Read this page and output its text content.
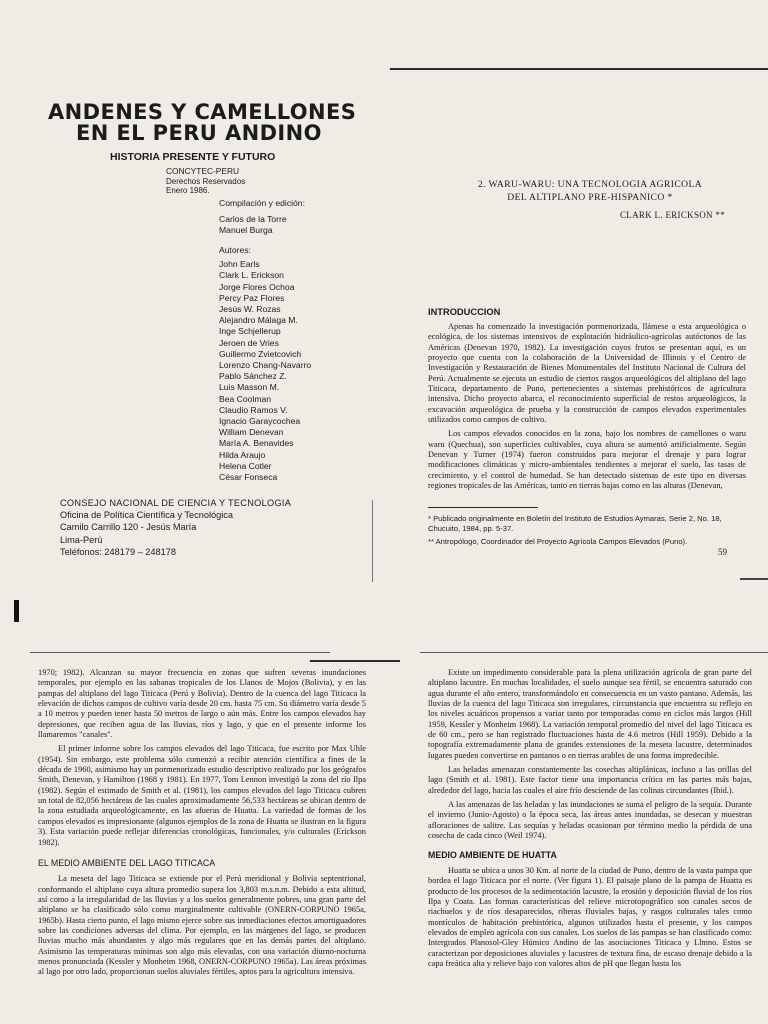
ANDENES Y CAMELLONES
EN EL PERU ANDINO
HISTORIA PRESENTE Y FUTURO
CONCYTEC-PERU
Derechos Reservados
Enero 1986.
Compilación y edición:
Carlos de la Torre
Manuel Burga
Autores:
John Earls
Clark L. Erickson
Jorge Flores Ochoa
Percy Paz Flores
Jesús W. Rozas
Alejandro Málaga M.
Inge Schjellerup
Jeroen de Vries
Guillermo Zvietcovich
Lorenzo Chang-Navarro
Pablo Sánchez Z.
Luis Masson M.
Bea Coolman
Claudio Ramos V.
Ignacio Garaycochea
William Denevan
María A. Benavides
Hilda Araujo
Helena Cotler
César Fonseca
CONSEJO NACIONAL DE CIENCIA Y TECNOLOGIA
Oficina de Política Científica y Tecnológica
Camilo Carrillo 120 - Jesús María
Lima-Perú
Teléfonos: 248179 – 248178
2. WARU-WARU: UNA TECNOLOGIA AGRICOLA
DEL ALTIPLANO PRE-HISPANICO *
CLARK L. ERICKSON **
INTRODUCCION

Apenas ha comenzado la investigación pormenorizada, llámese a esta arqueológica o ecológica, de los sistemas intensivos de explotación hidráulico-agrícolas autóctonos de las Américas (Denevan 1970, 1982). La investigación cuyos frutos se presentan aquí, es un proyecto que cuenta con la colaboración de la Universidad de Illinois y el Centro de Investigación y Restauración de Bienes Monumentales del Instituto Nacional de Cultura del Perú. Actualmente se ejecuta un estudio de ciertos rasgos arqueológicos del altiplano del lago Titicaca, departamento de Puno, pertenecientes a sistemas prehistóricos de agricultura intensiva. Dicho proyecto abarca, el reconocimiento superficial de restos arqueológicos, la excavación arqueológica de prueba y la construcción de campos elevados experimentales utilizados como campos de cultivo.

Los campos elevados conocidos en la zona, bajo los nombres de camellones o waru waru (Quechua), son superficies cultivables, cuya altura se aumentó artificialmente. Según Denevan y Turner (1974) fueron construidos para mejorar el drenaje y para lograr modificaciones climáticas y micro-ambientales tendientes a mejorar el suelo, las tasas de crecimiento, y el control de humedad. Se han detectado sistemas de este tipo en diversas regiones tropicales de las Américas, tanto en tierras bajas como en las alturas (Denevan,

* Publicado originalmente en Boletín del Instituto de Estudios Aymaras, Serie 2, No. 18, Chucuito, 1984, pp. 5-37.
** Antropólogo, Coordinador del Proyecto Agrícola Campos Elevados (Puno).
59

1970; 1982). Alcanzan su mayor frecuencia en zonas que sufren severas inundaciones temporales, por ejemplo en las sabanas tropicales de los Llanos de Mojos (Bolivia), y en las pampas del altiplano del lago Titicaca (Perú y Bolivia). Dentro de la cuenca del lago Titicaca la elevación de dichos campos de cultivo varía desde 20 cm. hasta 75 cm. Su diámetro varía desde 5 a 10 metros y pueden tener hasta 50 metros de largo o aún más. Entre los campos elevados hay depresiones, que reciben agua de las lluvias, ríos y lago, y que en el presente informe los llamaremos "canales".

El primer informe sobre los campos elevados del lago Titicaca, fue escrito por Max Uhle (1954). Sin embargo, este problema sólo comenzó a recibir atención científica a fines de la década de 1960, asimismo hay un pormenorizado estudio descriptivo realizado por los geógrafos Smith, Denevan, y Hamilton (1968 y 1981). En 1977, Tom Lennon investigó la zona del río Ilpa (1982). Según el estimado de Smith et al. (1981), los campos elevados del lago Titicaca cubren un total de 82,056 hectáreas de las cuales aproximadamente 56,533 hectáreas se ubican dentro de la zona estudiada arqueológicamente, en las afueras de Huatta. La variedad de formas de los campos elevados es impresionante (algunos ejemplos de la zona de Huatta se ilustran en la figura 3). Esta variación puede reflejar diferencias cronológicas, funcionales, y/o culturales (Erickson 1982).

EL MEDIO AMBIENTE DEL LAGO TITICACA

La meseta del lago Titicaca se extiende por el Perú meridional y Bolivia septentrional, conformando el altiplano cuya altura promedio supera los 3,803 m.s.n.m. Debido a esta altitud, así como a la irregularidad de las lluvias y a los suelos generalmente pobres, una gran parte del altiplano se ha clasificado sólo como marginalmente cultivable (ONERN-CORPUNO 1965a, 1965b). Hasta cierto punto, el lago mismo ejerce sobre sus inmediaciones efectos amortiguadores sobre las condiciones adversas del clima. Por ejemplo, en las márgenes del lago, se producen lluvias mucho más abundantes y algo más regulares que en las demás partes del altiplano. Asimismo las temperaturas mínimas son algo más elevadas, con una variación diurno-nocturna menos pronunciada (Kessler y Monheim 1968, ONERN-CORPUNO 1965a). Las áreas próximas al lago por otro lado, proporcionan suelos aluviales fértiles, aptos para la agricultura intensiva.

Existe un impedimento considerable para la plena utilización agrícola de gran parte del altiplano lacustre. En muchas localidades, el suelo aunque sea fértil, se encuentra saturado con agua durante el año entero, transformándolo en consecuencia en un vasto pantano. Además, las lluvias de la cuenca del lago Titicaca son irregulares, circunstancia que encuentra su reflejo en los niveles acuáticos propensos a variar tanto por temporadas como en ciclos más largos (Hill 1959, Kessler y Monheim 1968). La variación temporal promedio del nivel del lago Titicaca es de 60 cm., pero se han registrado fluctuaciones hasta de 4.6 metros (Hill 1959). Debido a la topografía extremadamente plana de grandes extensiones de la meseta lacustre, determinados lugares pueden convertirse en pantanos o en tierras arables de una forma impredecible.

Las heladas amenazan constantemente las cosechas altiplánicas, incluso a las orillas del lago (Smith et al. 1981). Este factor tiene una importancia crítica en las partes más bajas, alrededor del lago, hacia las cuales el aire frío desciende de las colinas circundantes (Ibid.).

A las amenazas de las heladas y las inundaciones se suma el peligro de la sequía. Durante el invierno (Junio-Agosto) o la época seca, las áreas antes inundadas, se desecan y muestran afloraciones de salitre. Las sequías y heladas ocasionan por término medio la pérdida de una cosecha de cada cinco (Weil 1974).

MEDIO AMBIENTE DE HUATTA

Huatta se ubica a unos 30 Km. al norte de la ciudad de Puno, dentro de la vasta pampa que bordea el lago Titicaca por el norte. (Ver figura 1). El paisaje plano de la pampa de Huatta es producto de los procesos de la sedimentación lacustre, la erosión y deposición fluvial de los ríos Ilpa y Coata. Las formas características del relieve microtopográfico son canales secos de riachuelos y de ríos desaparecidos, riberas fluviales bajas, y rasgos culturales tales como montículos de habitación prehistórica, algunos utilizados hasta el presente, y los campos elevados de empleo agrícola con sus canales. Los suelos de las pampas se han clasificado como: Intergrados Planosol-Gley Húmico Andino de las asociaciones Titicaca y Llmno. Estos se caracterizan por deposiciones aluviales y lacustres de textura fina, de escaso drenaje debido a la capa freática alta y relieve bajo con valores altos de pH que llegan hasta los
